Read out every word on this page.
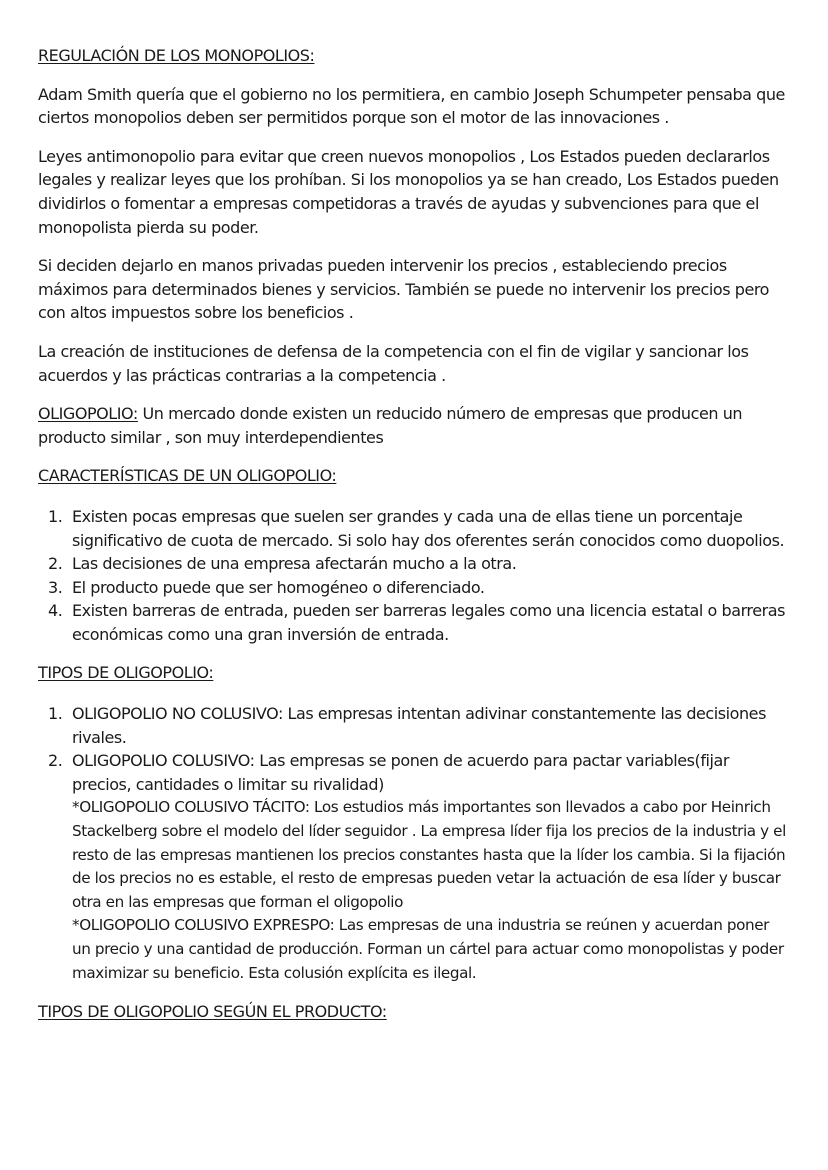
REGULACIÓN DE LOS MONOPOLIOS:

Adam Smith quería que el gobierno no los permitiera, en cambio Joseph Schumpeter pensaba que ciertos monopolios deben ser permitidos porque son el motor de las innovaciones .

Leyes antimonopolio para evitar que creen nuevos monopolios , Los Estados pueden declararlos legales y realizar leyes que los prohíban. Si los monopolios ya se han creado, Los Estados pueden dividirlos o fomentar a empresas competidoras a través de ayudas y subvenciones para que el monopolista pierda su poder.

Si deciden dejarlo en manos privadas pueden intervenir los precios , estableciendo precios máximos para determinados bienes y servicios. También se puede no intervenir los precios pero con altos impuestos sobre los beneficios .

La creación de instituciones de defensa de la competencia con el fin de vigilar y sancionar los acuerdos y las prácticas contrarias a la competencia .

OLIGOPOLIO: Un mercado donde existen un reducido número de empresas que producen un producto similar , son muy interdependientes

CARACTERÍSTICAS DE UN OLIGOPOLIO:

1. Existen pocas empresas que suelen ser grandes y cada una de ellas tiene un porcentaje significativo de cuota de mercado. Si solo hay dos oferentes serán conocidos como duopolios.
2. Las decisiones de una empresa afectarán mucho a la otra.
3. El producto puede que ser homogéneo o diferenciado.
4. Existen barreras de entrada, pueden ser barreras legales como una licencia estatal o barreras económicas como una gran inversión de entrada.

TIPOS DE OLIGOPOLIO:

1. OLIGOPOLIO NO COLUSIVO: Las empresas intentan adivinar constantemente las decisiones rivales.
2. OLIGOPOLIO COLUSIVO: Las empresas se ponen de acuerdo para pactar variables(fijar precios, cantidades o limitar su rivalidad)
*OLIGOPOLIO COLUSIVO TÁCITO: Los estudios más importantes son llevados a cabo por Heinrich Stackelberg sobre el modelo del líder seguidor . La empresa líder fija los precios de la industria y el resto de las empresas mantienen los precios constantes hasta que la líder los cambia. Si la fijación de los precios no es estable, el resto de empresas pueden vetar la actuación de esa líder y buscar otra en las empresas que forman el oligopolio
*OLIGOPOLIO COLUSIVO EXPRESPO: Las empresas de una industria se reúnen y acuerdan poner un precio y una cantidad de producción. Forman un cártel para actuar como monopolistas y poder maximizar su beneficio. Esta colusión explícita es ilegal.

TIPOS DE OLIGOPOLIO SEGÚN EL PRODUCTO:
